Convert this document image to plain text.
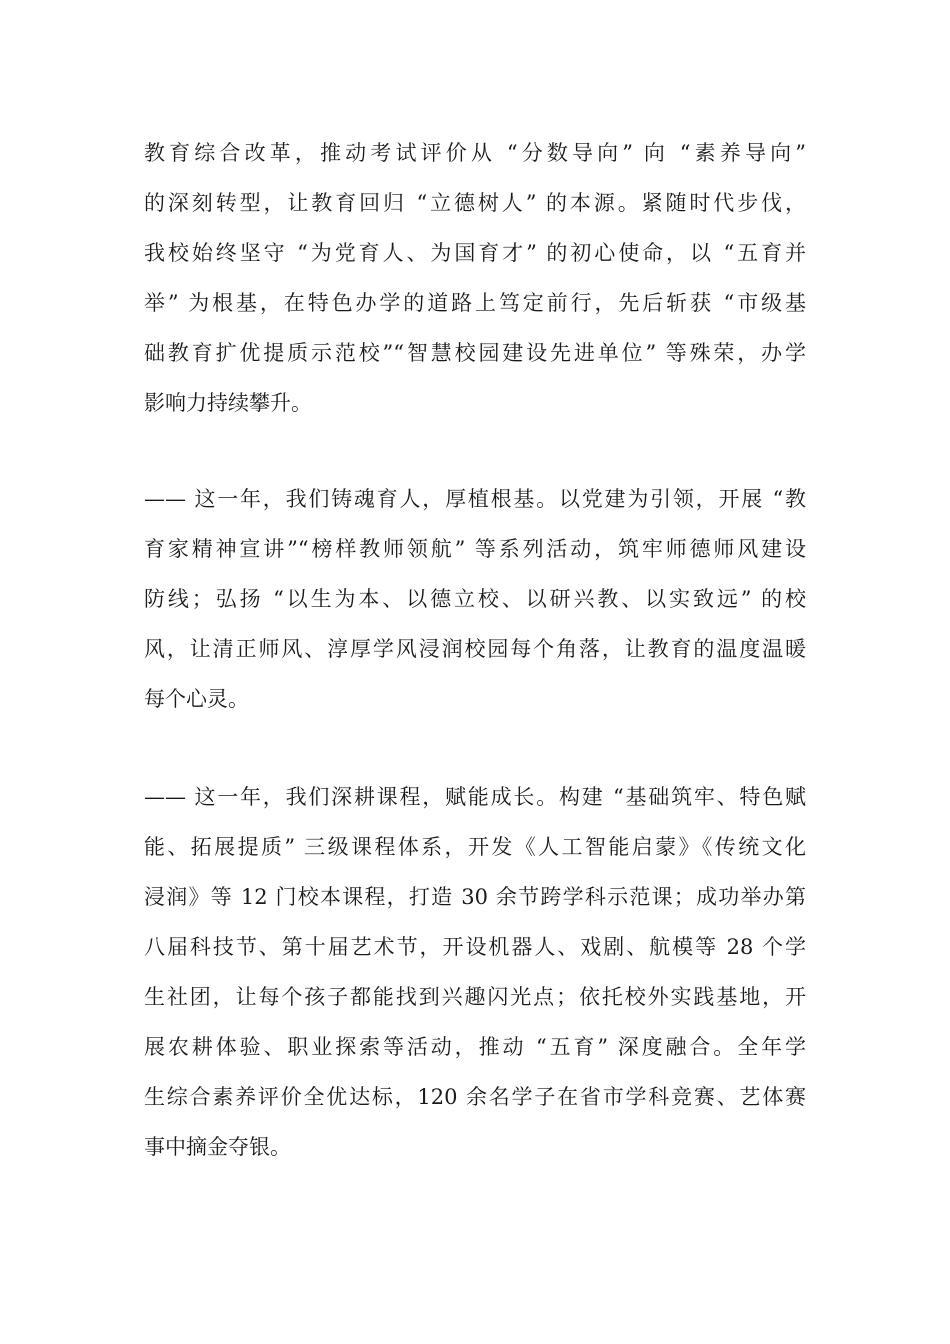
教育综合改革，推动考试评价从 “分数导向” 向 “素养导向”
的深刻转型，让教育回归 “立德树人” 的本源。紧随时代步伐，
我校始终坚守 “为党育人、为国育才” 的初心使命，以 “五育并
举” 为根基，在特色办学的道路上笃定前行，先后斩获 “市级基
础教育扩优提质示范校”“智慧校园建设先进单位” 等殊荣，办学
影响力持续攀升。
—— 这一年，我们铸魂育人，厚植根基。以党建为引领，开展 “教
育家精神宣讲”“榜样教师领航” 等系列活动，筑牢师德师风建设
防线；弘扬 “以生为本、以德立校、以研兴教、以实致远” 的校
风，让清正师风、淳厚学风浸润校园每个角落，让教育的温度温暖
每个心灵。
—— 这一年，我们深耕课程，赋能成长。构建 “基础筑牢、特色赋
能、拓展提质” 三级课程体系，开发《人工智能启蒙》《传统文化
浸润》等 12 门校本课程，打造 30 余节跨学科示范课；成功举办第
八届科技节、第十届艺术节，开设机器人、戏剧、航模等 28 个学
生社团，让每个孩子都能找到兴趣闪光点；依托校外实践基地，开
展农耕体验、职业探索等活动，推动 “五育” 深度融合。全年学
生综合素养评价全优达标，120 余名学子在省市学科竞赛、艺体赛
事中摘金夺银。
